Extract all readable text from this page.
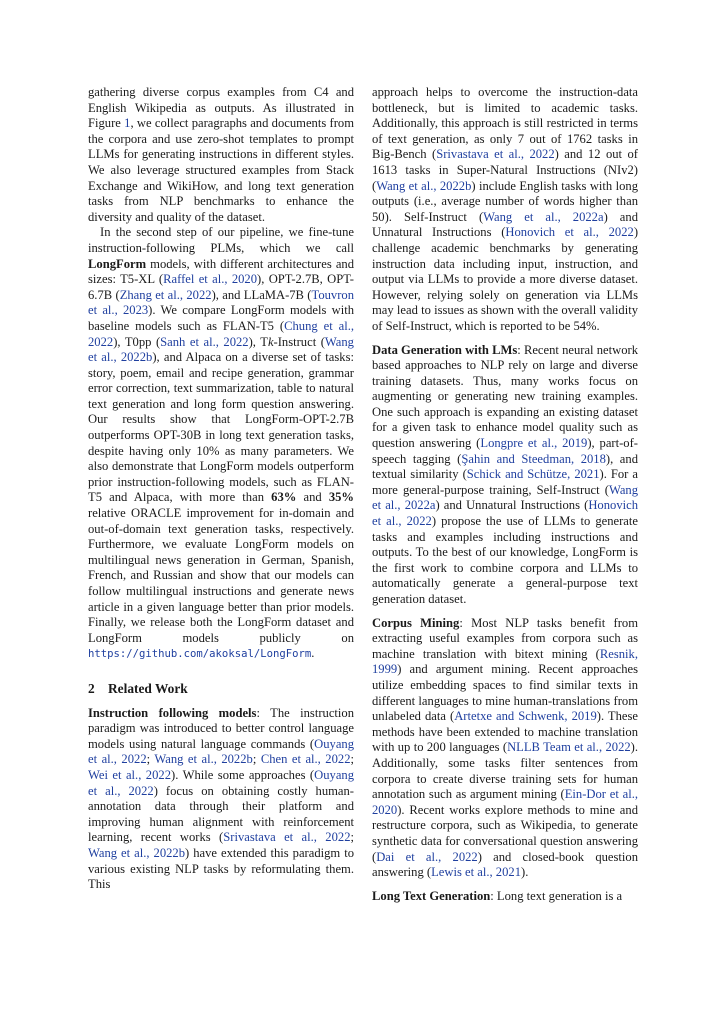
gathering diverse corpus examples from C4 and English Wikipedia as outputs. As illustrated in Figure 1, we collect paragraphs and documents from the corpora and use zero-shot templates to prompt LLMs for generating instructions in different styles. We also leverage structured examples from Stack Exchange and WikiHow, and long text generation tasks from NLP benchmarks to enhance the diversity and quality of the dataset.

In the second step of our pipeline, we fine-tune instruction-following PLMs, which we call LongForm models, with different architectures and sizes: T5-XL (Raffel et al., 2020), OPT-2.7B, OPT-6.7B (Zhang et al., 2022), and LLaMA-7B (Touvron et al., 2023). We compare LongForm models with baseline models such as FLAN-T5 (Chung et al., 2022), T0pp (Sanh et al., 2022), Tk-Instruct (Wang et al., 2022b), and Alpaca on a diverse set of tasks: story, poem, email and recipe generation, grammar error correction, text summarization, table to natural text generation and long form question answering. Our results show that LongForm-OPT-2.7B outperforms OPT-30B in long text generation tasks, despite having only 10% as many parameters. We also demonstrate that LongForm models outperform prior instruction-following models, such as FLAN-T5 and Alpaca, with more than 63% and 35% relative ORACLE improvement for in-domain and out-of-domain text generation tasks, respectively. Furthermore, we evaluate LongForm models on multilingual news generation in German, Spanish, French, and Russian and show that our models can follow multilingual instructions and generate news article in a given language better than prior models. Finally, we release both the LongForm dataset and LongForm models publicly on https://github.com/akoksal/LongForm.

2 Related Work

Instruction following models: The instruction paradigm was introduced to better control language models using natural language commands (Ouyang et al., 2022; Wang et al., 2022b; Chen et al., 2022; Wei et al., 2022). While some approaches (Ouyang et al., 2022) focus on obtaining costly human-annotation data through their platform and improving human alignment with reinforcement learning, recent works (Srivastava et al., 2022; Wang et al., 2022b) have extended this paradigm to various existing NLP tasks by reformulating them. This

approach helps to overcome the instruction-data bottleneck, but is limited to academic tasks. Additionally, this approach is still restricted in terms of text generation, as only 7 out of 1762 tasks in Big-Bench (Srivastava et al., 2022) and 12 out of 1613 tasks in Super-Natural Instructions (NIv2) (Wang et al., 2022b) include English tasks with long outputs (i.e., average number of words higher than 50). Self-Instruct (Wang et al., 2022a) and Unnatural Instructions (Honovich et al., 2022) challenge academic benchmarks by generating instruction data including input, instruction, and output via LLMs to provide a more diverse dataset. However, relying solely on generation via LLMs may lead to issues as shown with the overall validity of Self-Instruct, which is reported to be 54%.

Data Generation with LMs: Recent neural network based approaches to NLP rely on large and diverse training datasets. Thus, many works focus on augmenting or generating new training examples. One such approach is expanding an existing dataset for a given task to enhance model quality such as question answering (Longpre et al., 2019), part-of-speech tagging (Şahin and Steedman, 2018), and textual similarity (Schick and Schütze, 2021). For a more general-purpose training, Self-Instruct (Wang et al., 2022a) and Unnatural Instructions (Honovich et al., 2022) propose the use of LLMs to generate tasks and examples including instructions and outputs. To the best of our knowledge, LongForm is the first work to combine corpora and LLMs to automatically generate a general-purpose text generation dataset.

Corpus Mining: Most NLP tasks benefit from extracting useful examples from corpora such as machine translation with bitext mining (Resnik, 1999) and argument mining. Recent approaches utilize embedding spaces to find similar texts in different languages to mine human-translations from unlabeled data (Artetxe and Schwenk, 2019). These methods have been extended to machine translation with up to 200 languages (NLLB Team et al., 2022). Additionally, some tasks filter sentences from corpora to create diverse training sets for human annotation such as argument mining (Ein-Dor et al., 2020). Recent works explore methods to mine and restructure corpora, such as Wikipedia, to generate synthetic data for conversational question answering (Dai et al., 2022) and closed-book question answering (Lewis et al., 2021).

Long Text Generation: Long text generation is a
